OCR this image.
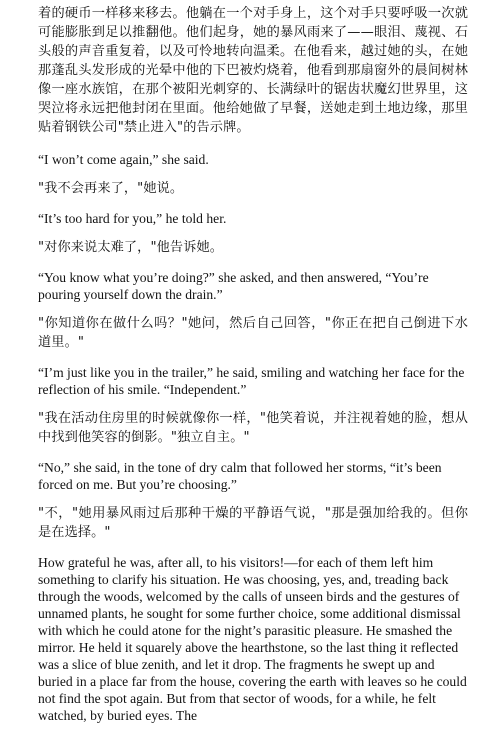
着的硬币一样移来移去。他躺在一个对手身上，这个对手只要呼吸一次就可能膨胀到足以推翻他。他们起身，她的暴风雨来了——眼泪、蔑视、石头般的声音重复着，以及可怜地转向温柔。在他看来，越过她的头，在她那蓬乱头发形成的光晕中他的下巴被灼烧着，他看到那扇窗外的晨间树林像一座水族馆，在那个被阳光刺穿的、长满绿叶的锯齿状魔幻世界里，这哭泣将永远把他封闭在里面。他给她做了早餐，送她走到土地边缘，那里贴着钢铁公司"禁止进入"的告示牌。

“I won’t come again,” she said.

"我不会再来了，"她说。

“It’s too hard for you,” he told her.

"对你来说太难了，"他告诉她。

“You know what you’re doing?” she asked, and then answered, “You’re pouring yourself down the drain.”

"你知道你在做什么吗？"她问，然后自己回答，"你正在把自己倒进下水道里。"

“I’m just like you in the trailer,” he said, smiling and watching her face for the reflection of his smile. “Independent.”

"我在活动住房里的时候就像你一样，"他笑着说，并注视着她的脸，想从中找到他笑容的倒影。"独立自主。"

“No,” she said, in the tone of dry calm that followed her storms, “it’s been forced on me. But you’re choosing.”

"不，"她用暴风雨过后那种干燥的平静语气说，"那是强加给我的。但你是在选择。"

How grateful he was, after all, to his visitors!—for each of them left him something to clarify his situation. He was choosing, yes, and, treading back through the woods, welcomed by the calls of unseen birds and the gestures of unnamed plants, he sought for some further choice, some additional dismissal with which he could atone for the night’s parasitic pleasure. He smashed the mirror. He held it squarely above the hearthstone, so the last thing it reflected was a slice of blue zenith, and let it drop. The fragments he swept up and buried in a place far from the house, covering the earth with leaves so he could not find the spot again. But from that sector of woods, for a while, he felt watched, by buried eyes. The
